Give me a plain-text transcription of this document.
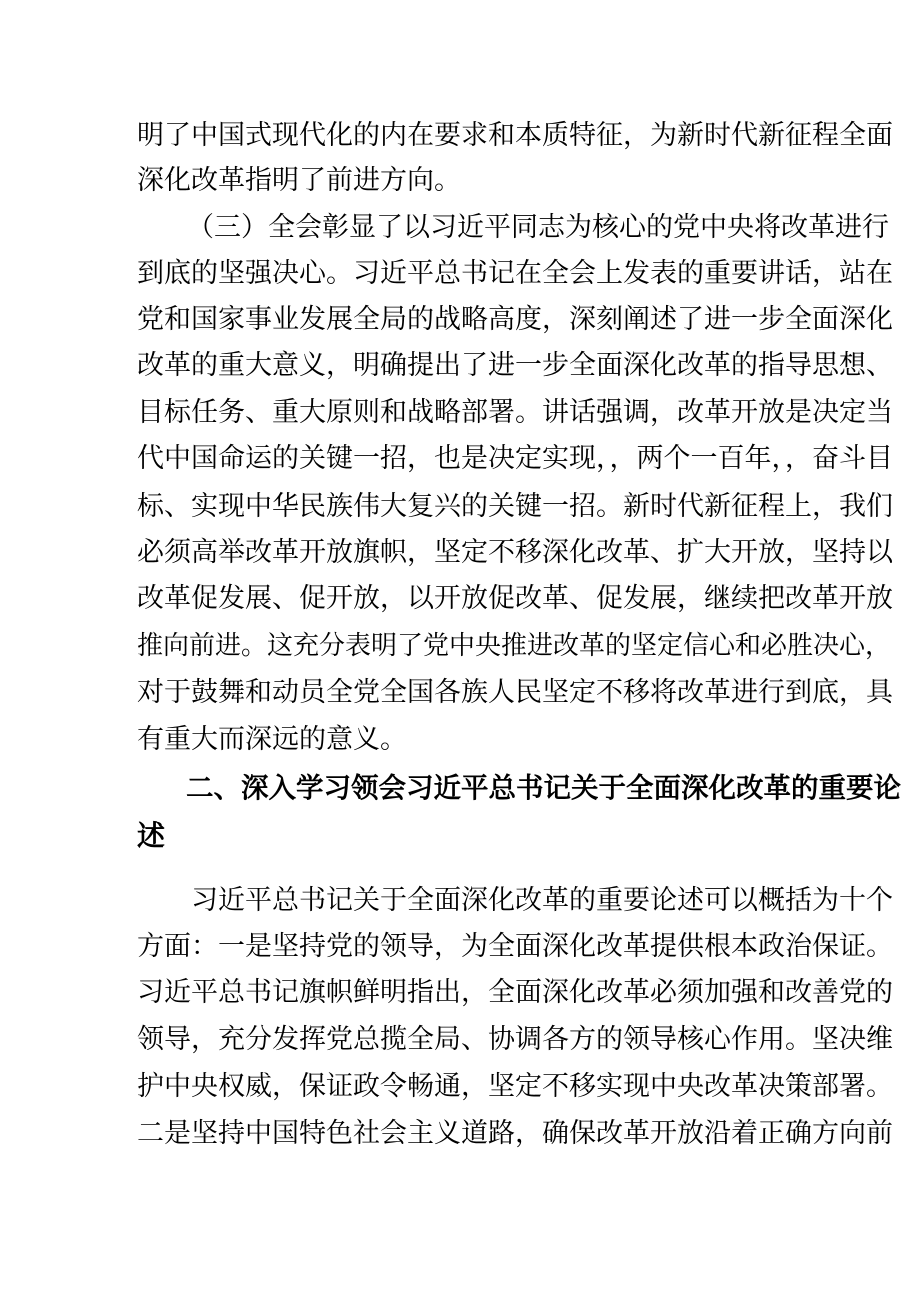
明了中国式现代化的内在要求和本质特征，为新时代新征程全面
深化改革指明了前进方向。
（三）全会彰显了以习近平同志为核心的党中央将改革进行
到底的坚强决心。习近平总书记在全会上发表的重要讲话，站在
党和国家事业发展全局的战略高度，深刻阐述了进一步全面深化
改革的重大意义，明确提出了进一步全面深化改革的指导思想、
目标任务、重大原则和战略部署。讲话强调，改革开放是决定当
代中国命运的关键一招，也是决定实现，，两个一百年，，奋斗目
标、实现中华民族伟大复兴的关键一招。新时代新征程上，我们
必须高举改革开放旗帜，坚定不移深化改革、扩大开放，坚持以
改革促发展、促开放，以开放促改革、促发展，继续把改革开放
推向前进。这充分表明了党中央推进改革的坚定信心和必胜决心，
对于鼓舞和动员全党全国各族人民坚定不移将改革进行到底，具
有重大而深远的意义。
二、深入学习领会习近平总书记关于全面深化改革的重要论
述
习近平总书记关于全面深化改革的重要论述可以概括为十个
方面：一是坚持党的领导，为全面深化改革提供根本政治保证。
习近平总书记旗帜鲜明指出，全面深化改革必须加强和改善党的
领导，充分发挥党总揽全局、协调各方的领导核心作用。坚决维
护中央权威，保证政令畅通，坚定不移实现中央改革决策部署。
二是坚持中国特色社会主义道路，确保改革开放沿着正确方向前
